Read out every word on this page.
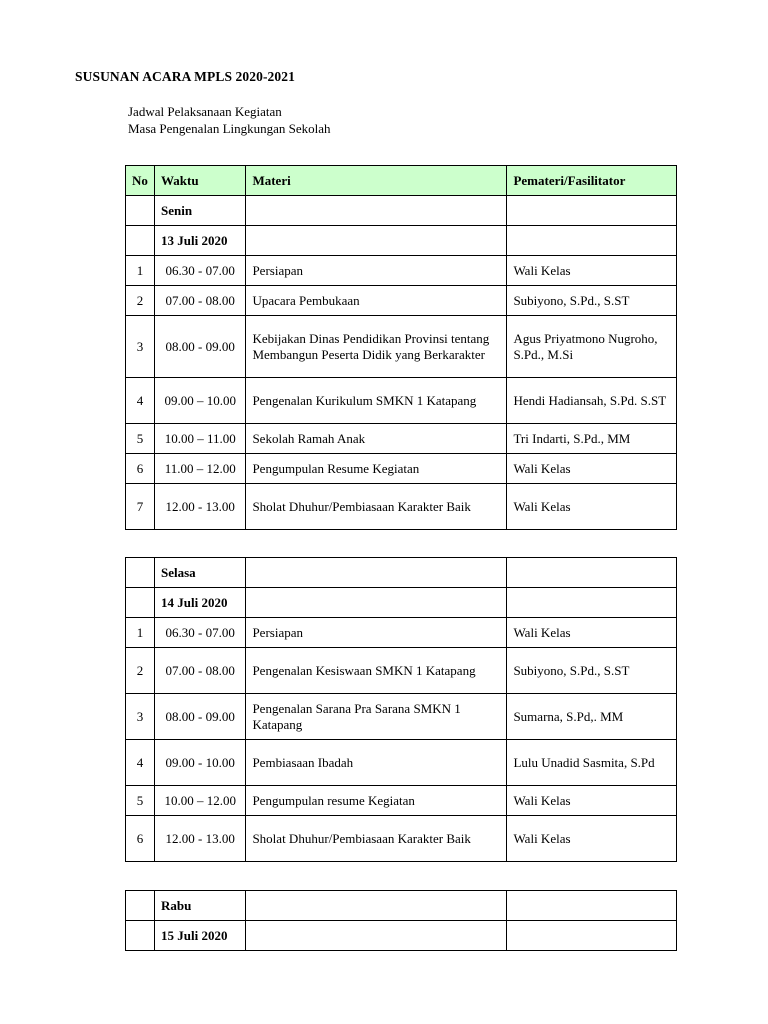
SUSUNAN ACARA MPLS 2020-2021
Jadwal Pelaksanaan Kegiatan
Masa Pengenalan Lingkungan Sekolah
No	Waktu	Materi	Pemateri/Fasilitator
	Senin		
	13 Juli 2020		
1	06.30 - 07.00	Persiapan	Wali Kelas
2	07.00 - 08.00	Upacara Pembukaan	Subiyono, S.Pd., S.ST
3	08.00 - 09.00	Kebijakan Dinas Pendidikan Provinsi tentang Membangun Peserta Didik yang Berkarakter	Agus Priyatmono Nugroho, S.Pd., M.Si
4	09.00 – 10.00	Pengenalan Kurikulum SMKN 1 Katapang	Hendi Hadiansah, S.Pd. S.ST
5	10.00 – 11.00	Sekolah Ramah Anak	Tri Indarti, S.Pd., MM
6	11.00 – 12.00	Pengumpulan Resume Kegiatan	Wali Kelas
7	12.00 - 13.00	Sholat Dhuhur/Pembiasaan Karakter Baik	Wali Kelas
	Selasa		
	14 Juli 2020		
1	06.30 - 07.00	Persiapan	Wali Kelas
2	07.00 - 08.00	Pengenalan Kesiswaan SMKN 1 Katapang	Subiyono, S.Pd., S.ST
3	08.00 - 09.00	Pengenalan Sarana Pra Sarana SMKN 1 Katapang	Sumarna, S.Pd,. MM
4	09.00 - 10.00	Pembiasaan Ibadah	Lulu Unadid Sasmita, S.Pd
5	10.00 – 12.00	Pengumpulan resume Kegiatan	Wali Kelas
6	12.00 - 13.00	Sholat Dhuhur/Pembiasaan Karakter Baik	Wali Kelas
	Rabu		
	15 Juli 2020		
